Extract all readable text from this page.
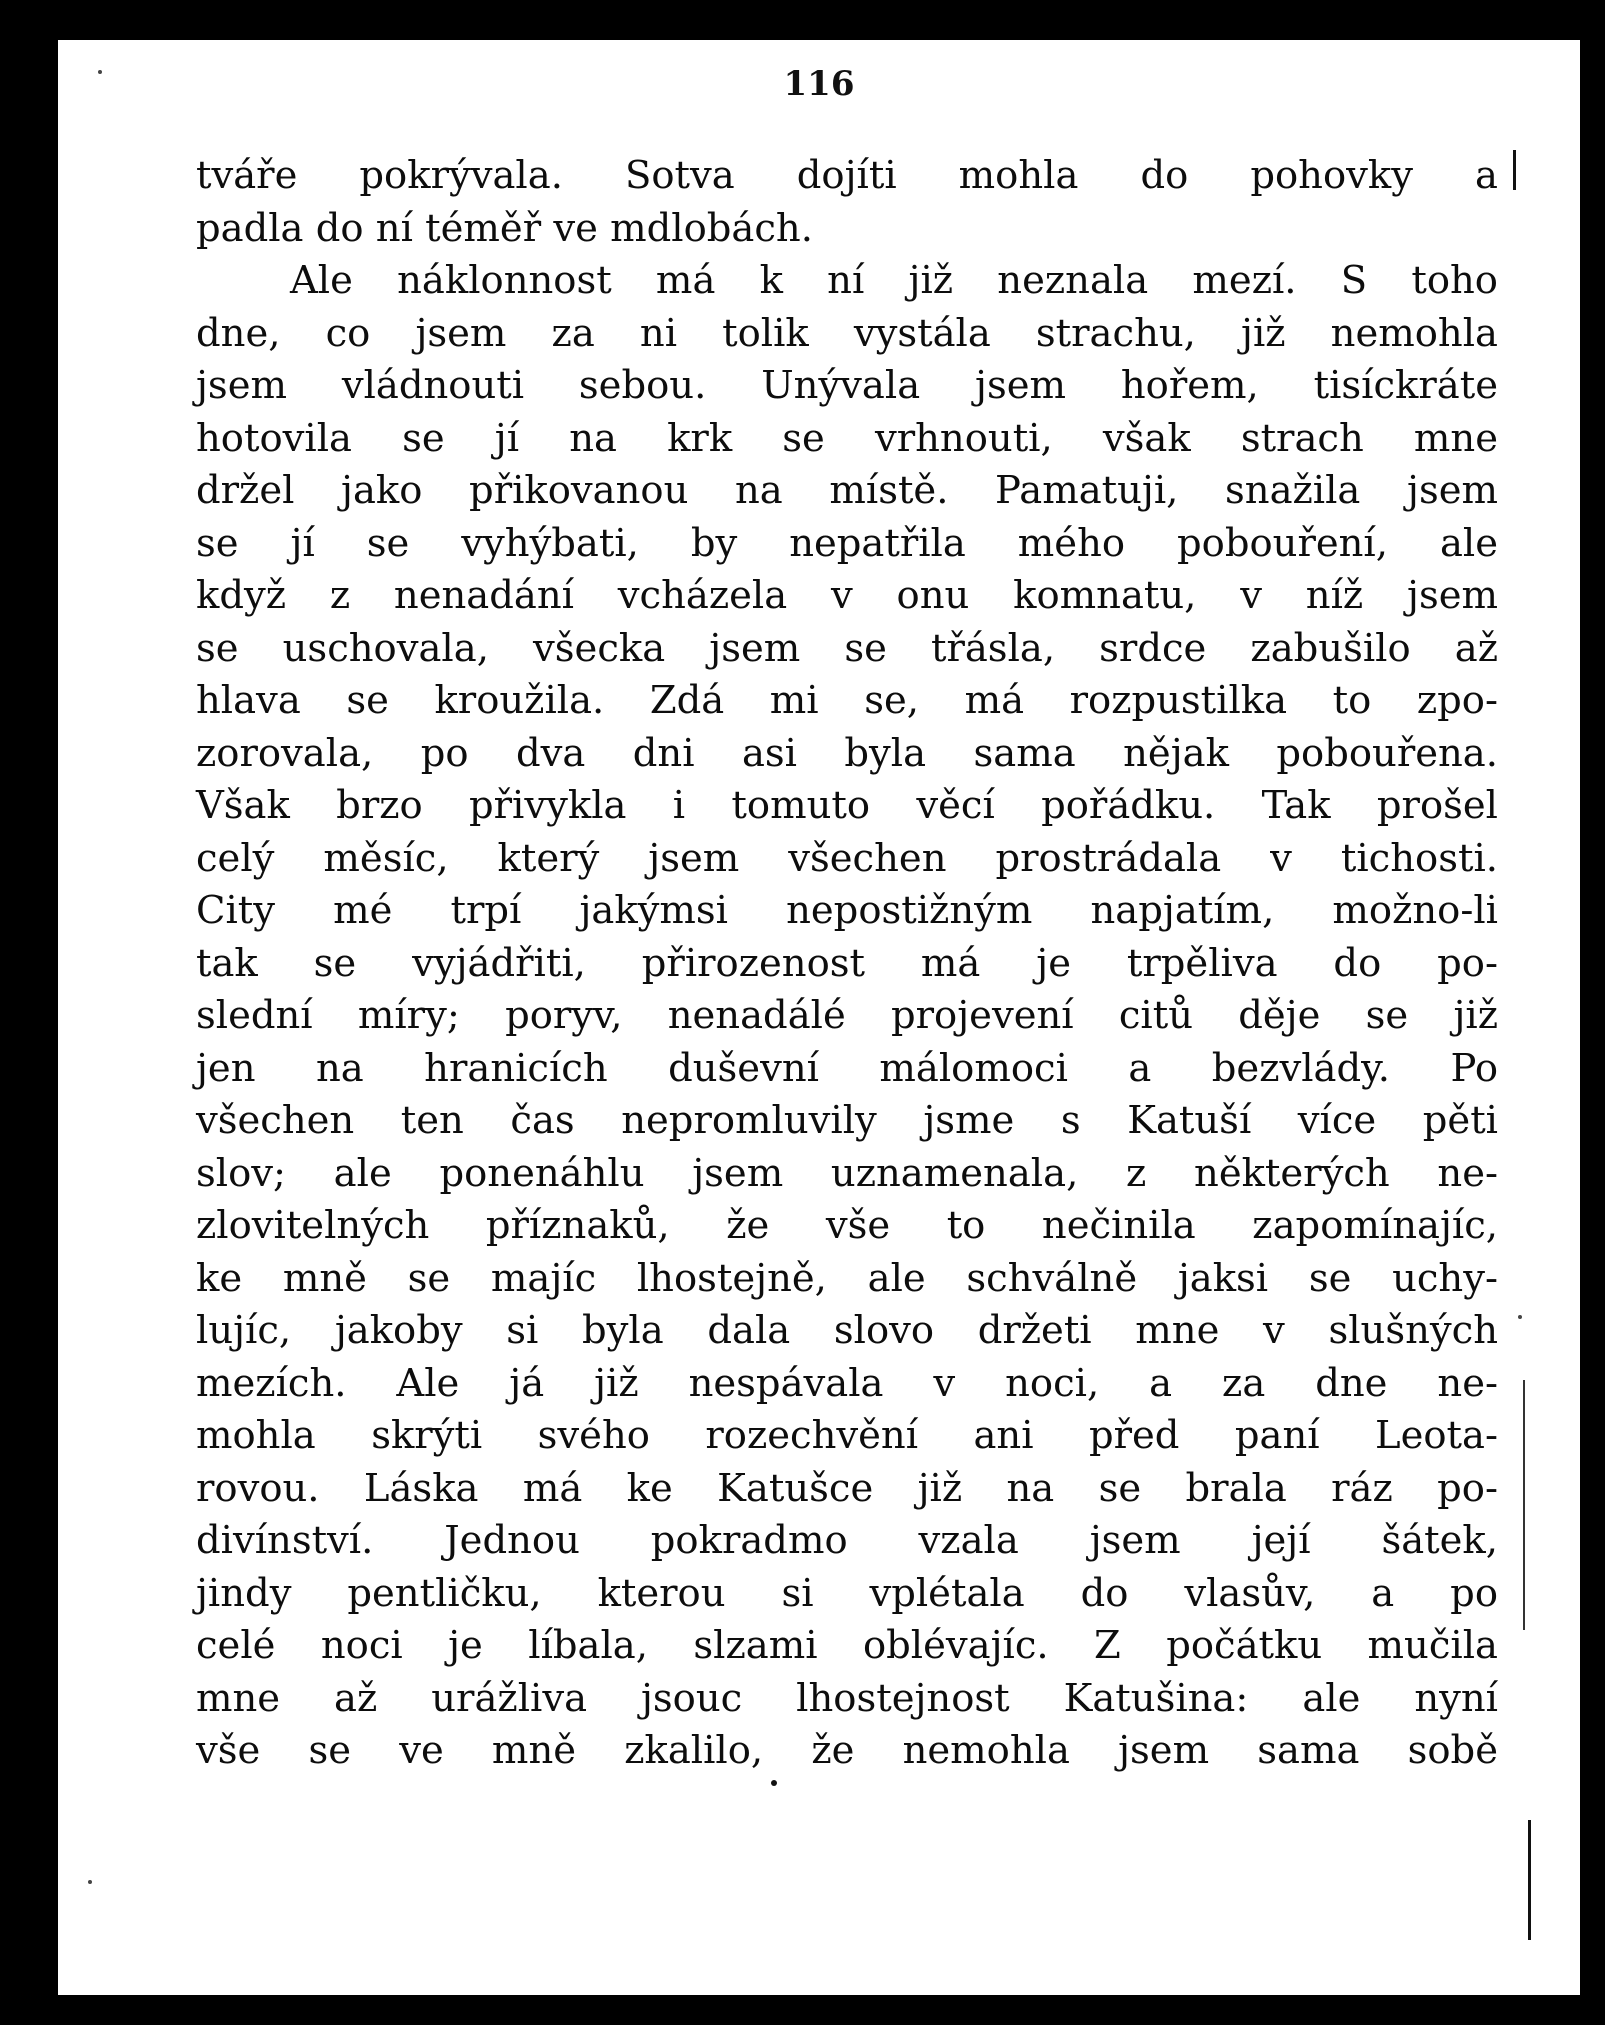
116
tváře pokrývala. Sotva dojíti mohla do pohovky a
padla do ní téměř ve mdlobách.
Ale náklonnost má k ní již neznala mezí. S toho
dne, co jsem za ni tolik vystála strachu, již nemohla
jsem vládnouti sebou. Unývala jsem hořem, tisíckráte
hotovila se jí na krk se vrhnouti, však strach mne
držel jako přikovanou na místě. Pamatuji, snažila jsem
se jí se vyhýbati, by nepatřila mého pobouření, ale
když z nenadání vcházela v onu komnatu, v níž jsem
se uschovala, všecka jsem se třásla, srdce zabušilo až
hlava se kroužila. Zdá mi se, má rozpustilka to zpo-
zorovala, po dva dni asi byla sama nějak pobouřena.
Však brzo přivykla i tomuto věcí pořádku. Tak prošel
celý měsíc, který jsem všechen prostrádala v tichosti.
City mé trpí jakýmsi nepostižným napjatím, možno-li
tak se vyjádřiti, přirozenost má je trpěliva do po-
slední míry; poryv, nenadálé projevení citů děje se již
jen na hranicích duševní málomoci a bezvlády. Po
všechen ten čas nepromluvily jsme s Katuší více pěti
slov; ale ponenáhlu jsem uznamenala, z některých ne-
zlovitelných příznaků, že vše to nečinila zapomínajíc,
ke mně se majíc lhostejně, ale schválně jaksi se uchy-
lujíc, jakoby si byla dala slovo držeti mne v slušných
mezích. Ale já již nespávala v noci, a za dne ne-
mohla skrýti svého rozechvění ani před paní Leota-
rovou. Láska má ke Katušce již na se brala ráz po-
divínství. Jednou pokradmo vzala jsem její šátek,
jindy pentličku, kterou si vplétala do vlasův, a po
celé noci je líbala, slzami oblévajíc. Z počátku mučila
mne až urážliva jsouc lhostejnost Katušina: ale nyní
vše se ve mně zkalilo, že nemohla jsem sama sobě
